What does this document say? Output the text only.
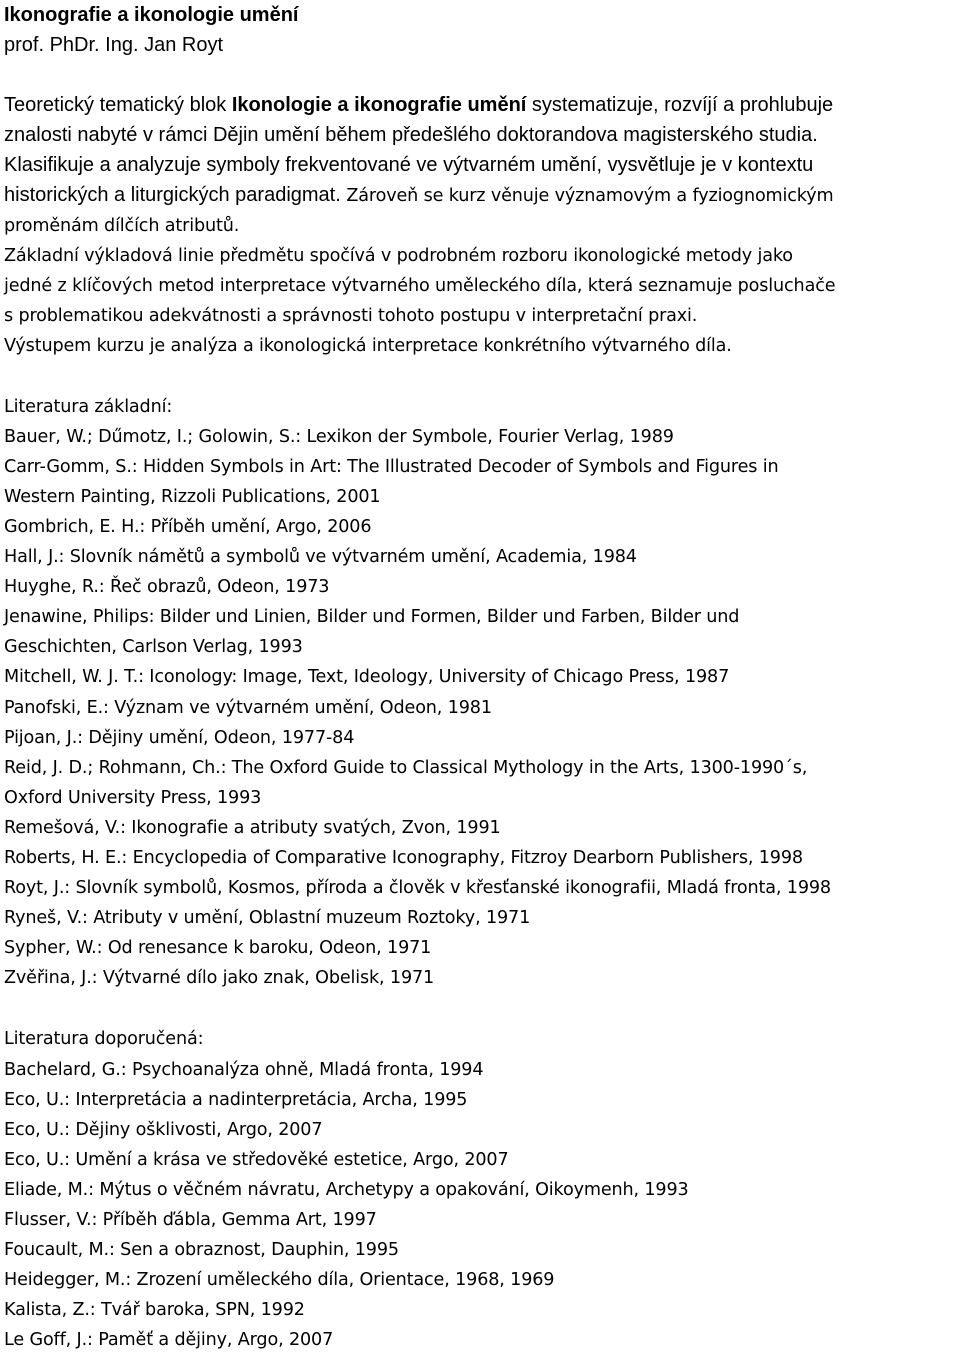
Ikonografie a ikonologie umění

prof. PhDr. Ing. Jan Royt

Teoretický tematický blok Ikonologie a ikonografie umění systematizuje, rozvíjí a prohlubuje

znalosti nabyté v rámci Dějin umění během předešlého doktorandova magisterského studia.

Klasifikuje a analyzuje symboly frekventované ve výtvarném umění, vysvětluje je v kontextu

historických a liturgických paradigmat. Zároveň se kurz věnuje významovým a fyziognomickým

proměnám dílčích atributů.

Základní výkladová linie předmětu spočívá v podrobném rozboru ikonologické metody jako

jedné z klíčových metod interpretace výtvarného uměleckého díla, která seznamuje posluchače

s problematikou adekvátnosti a správnosti tohoto postupu v interpretační praxi.

Výstupem kurzu je analýza a ikonologická interpretace konkrétního výtvarného díla.

Literatura základní:

Bauer, W.; Dűmotz, I.; Golowin, S.: Lexikon der Symbole, Fourier Verlag, 1989

Carr-Gomm, S.: Hidden Symbols in Art: The Illustrated Decoder of Symbols and Figures in

Western Painting, Rizzoli Publications, 2001

Gombrich, E. H.: Příběh umění, Argo, 2006

Hall, J.: Slovník námětů a symbolů ve výtvarném umění, Academia, 1984

Huyghe, R.: Řeč obrazů, Odeon, 1973

Jenawine, Philips: Bilder und Linien, Bilder und Formen, Bilder und Farben, Bilder und

Geschichten, Carlson Verlag, 1993

Mitchell, W. J. T.: Iconology: Image, Text, Ideology, University of Chicago Press, 1987

Panofski, E.: Význam ve výtvarném umění, Odeon, 1981

Pijoan, J.: Dějiny umění, Odeon, 1977-84

Reid, J. D.; Rohmann, Ch.: The Oxford Guide to Classical Mythology in the Arts, 1300-1990´s,

Oxford University Press, 1993

Remešová, V.: Ikonografie a atributy svatých, Zvon, 1991

Roberts, H. E.: Encyclopedia of Comparative Iconography, Fitzroy Dearborn Publishers, 1998

Royt, J.: Slovník symbolů, Kosmos, příroda a člověk v křesťanské ikonografii, Mladá fronta, 1998

Ryneš, V.: Atributy v umění, Oblastní muzeum Roztoky, 1971

Sypher, W.: Od renesance k baroku, Odeon, 1971

Zvěřina, J.: Výtvarné dílo jako znak, Obelisk, 1971

Literatura doporučená:

Bachelard, G.: Psychoanalýza ohně, Mladá fronta, 1994

Eco, U.: Interpretácia a nadinterpretácia, Archa, 1995

Eco, U.: Dějiny ošklivosti, Argo, 2007

Eco, U.: Umění a krása ve středověké estetice, Argo, 2007

Eliade, M.: Mýtus o věčném návratu, Archetypy a opakování, Oikoymenh, 1993

Flusser, V.: Příběh ďábla, Gemma Art, 1997

Foucault, M.: Sen a obraznost, Dauphin, 1995

Heidegger, M.: Zrození uměleckého díla, Orientace, 1968, 1969

Kalista, Z.: Tvář baroka, SPN, 1992

Le Goff, J.: Paměť a dějiny, Argo, 2007
